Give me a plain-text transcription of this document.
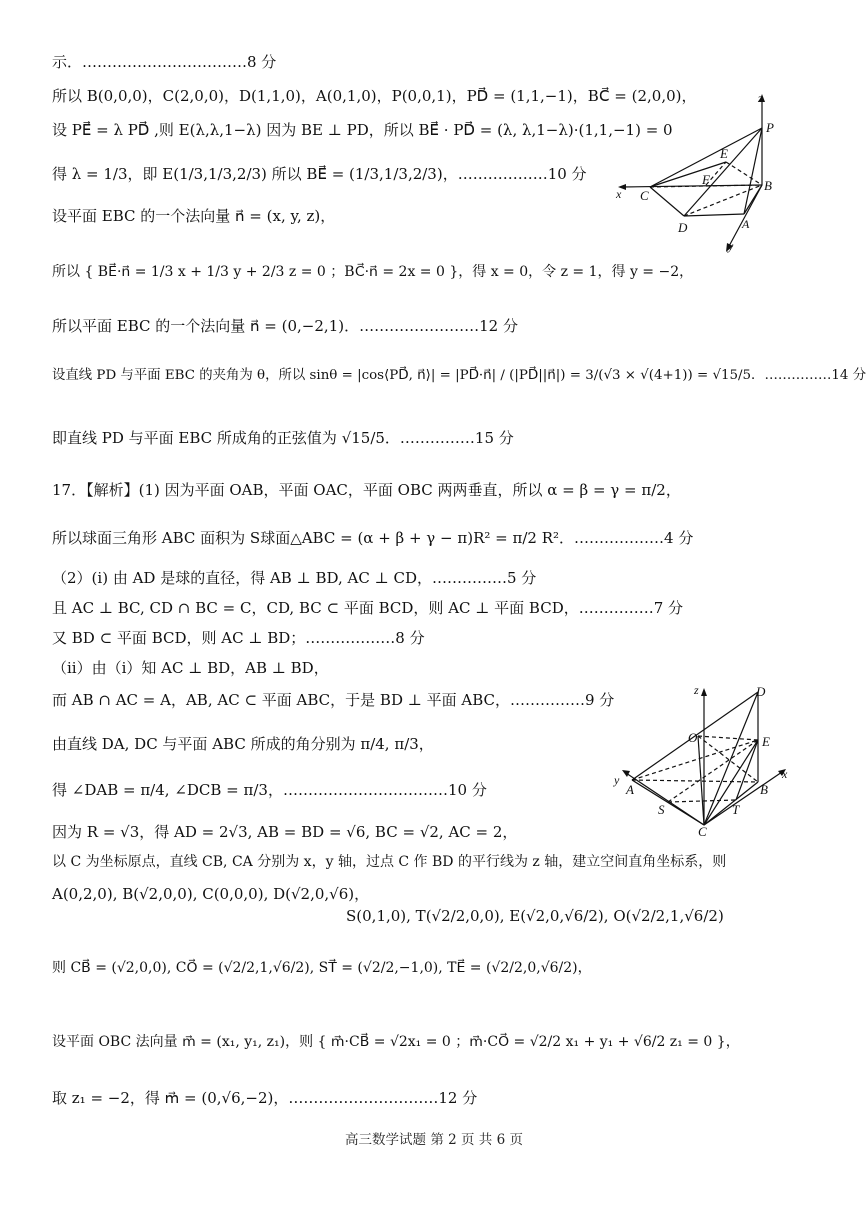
示．……………………………8 分
所以 B(0,0,0)，C(2,0,0)，D(1,1,0)，A(0,1,0)，P(0,0,1)，PD⃗ = (1,1,−1)，BC⃗ = (2,0,0)，
设 PE⃗ = λ PD⃗ ,则 E(λ,λ,1−λ) 因为 BE ⊥ PD，所以 BE⃗ · PD⃗ = (λ, λ,1−λ)·(1,1,−1) = 0
得 λ = 1/3，即 E(1/3,1/3,2/3) 所以 BE⃗ = (1/3,1/3,2/3)，………………10 分
设平面 EBC 的一个法向量 n⃗ = (x, y, z)，
所以 { BE⃗·n⃗ = 1/3 x + 1/3 y + 2/3 z = 0 ；BC⃗·n⃗ = 2x = 0 }，得 x = 0，令 z = 1，得 y = −2，
所以平面 EBC 的一个法向量 n⃗ = (0,−2,1)．……………………12 分
设直线 PD 与平面 EBC 的夹角为 θ，所以 sinθ = |cos⟨PD⃗, n⃗⟩| = |PD⃗·n⃗| / (|PD⃗||n⃗|) = 3/(√3 × √(4+1)) = √15/5．……………14 分
即直线 PD 与平面 EBC 所成角的正弦值为 √15/5．……………15 分
17．【解析】(1) 因为平面 OAB，平面 OAC，平面 OBC 两两垂直，所以 α = β = γ = π/2，
所以球面三角形 ABC 面积为 S球面△ABC = (α + β + γ − π)R² = π/2 R²．………………4 分
（2）(i) 由 AD 是球的直径，得 AB ⊥ BD, AC ⊥ CD，……………5 分
且 AC ⊥ BC, CD ∩ BC = C，CD, BC ⊂ 平面 BCD，则 AC ⊥ 平面 BCD，……………7 分
又 BD ⊂ 平面 BCD，则 AC ⊥ BD；………………8 分
（ii）由（i）知 AC ⊥ BD，AB ⊥ BD，
而 AB ∩ AC = A，AB, AC ⊂ 平面 ABC，于是 BD ⊥ 平面 ABC，……………9 分
由直线 DA, DC 与平面 ABC 所成的角分别为 π/4, π/3，
得 ∠DAB = π/4, ∠DCB = π/3，……………………………10 分
因为 R = √3，得 AD = 2√3, AB = BD = √6, BC = √2, AC = 2，
以 C 为坐标原点，直线 CB, CA 分别为 x，y 轴，过点 C 作 BD 的平行线为 z 轴，建立空间直角坐标系，则
A(0,2,0), B(√2,0,0), C(0,0,0), D(√2,0,√6)，
S(0,1,0), T(√2/2,0,0), E(√2,0,√6/2), O(√2/2,1,√6/2)
则 CB⃗ = (√2,0,0), CO⃗ = (√2/2,1,√6/2), ST⃗ = (√2/2,−1,0), TE⃗ = (√2/2,0,√6/2)，
设平面 OBC 法向量 m⃗ = (x₁, y₁, z₁)，则 { m⃗·CB⃗ = √2x₁ = 0 ；m⃗·CO⃗ = √2/2 x₁ + y₁ + √6/2 z₁ = 0 }，
取 z₁ = −2，得 m⃗ = (0,√6,−2)，…………………………12 分
z
P
E
F
x C
B
D	A
y
z	D
O	E
x
y
A
S	T
B
C
高三数学试题 第 2 页 共 6 页
